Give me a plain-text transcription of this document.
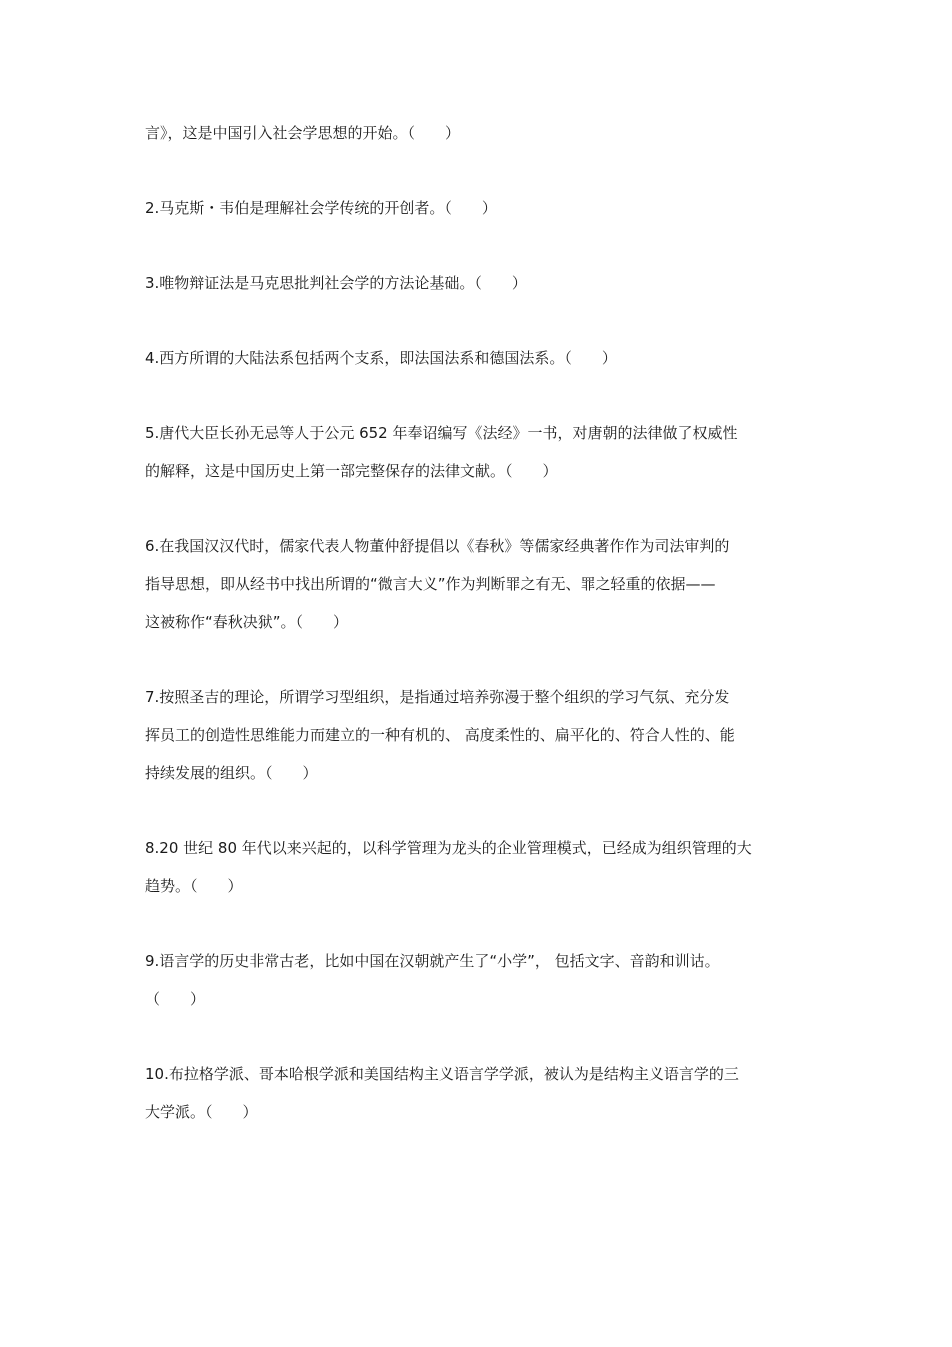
言》，这是中国引入社会学思想的开始。（　　）
2.马克斯・韦伯是理解社会学传统的开创者。（　　）
3.唯物辩证法是马克思批判社会学的方法论基础。（　　）
4.西方所谓的大陆法系包括两个支系，即法国法系和德国法系。（　　）
5.唐代大臣长孙无忌等人于公元 652 年奉诏编写《法经》一书，对唐朝的法律做了权威性
的解释，这是中国历史上第一部完整保存的法律文献。（　　）
6.在我国汉汉代时，儒家代表人物董仲舒提倡以《春秋》等儒家经典著作作为司法审判的
指导思想，即从经书中找出所谓的“微言大义”作为判断罪之有无、罪之轻重的依据——
这被称作“春秋决狱”。（　　）
7.按照圣吉的理论，所谓学习型组织，是指通过培养弥漫于整个组织的学习气氛、充分发
挥员工的创造性思维能力而建立的一种有机的、 高度柔性的、扁平化的、符合人性的、能
持续发展的组织。（　　）
8.20 世纪 80 年代以来兴起的，以科学管理为龙头的企业管理模式，已经成为组织管理的大
趋势。（　　）
9.语言学的历史非常古老，比如中国在汉朝就产生了“小学”， 包括文字、音韵和训诂。
（　　）
10.布拉格学派、哥本哈根学派和美国结构主义语言学学派，被认为是结构主义语言学的三
大学派。（　　）
